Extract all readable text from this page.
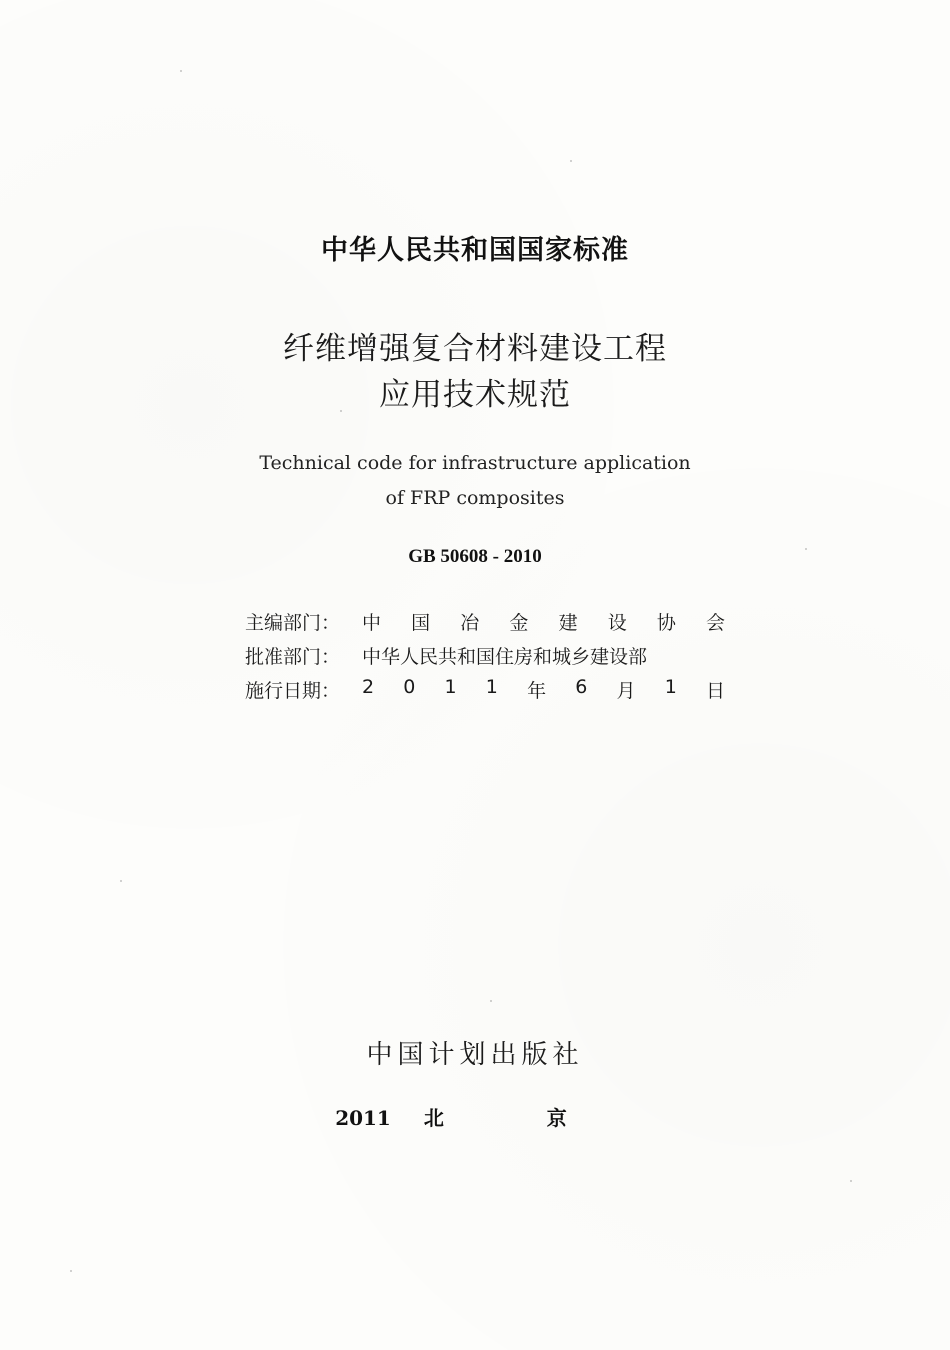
中华人民共和国国家标准
纤维增强复合材料建设工程
应用技术规范
Technical code for infrastructure application
of FRP composites
GB 50608 - 2010
主编部门：	中 国 冶 金 建 设 协 会
批准部门：	中华人民共和国住房和城乡建设部
施行日期：	2 0 1 1 年 6 月 1 日
中国计划出版社
2011 北 京
